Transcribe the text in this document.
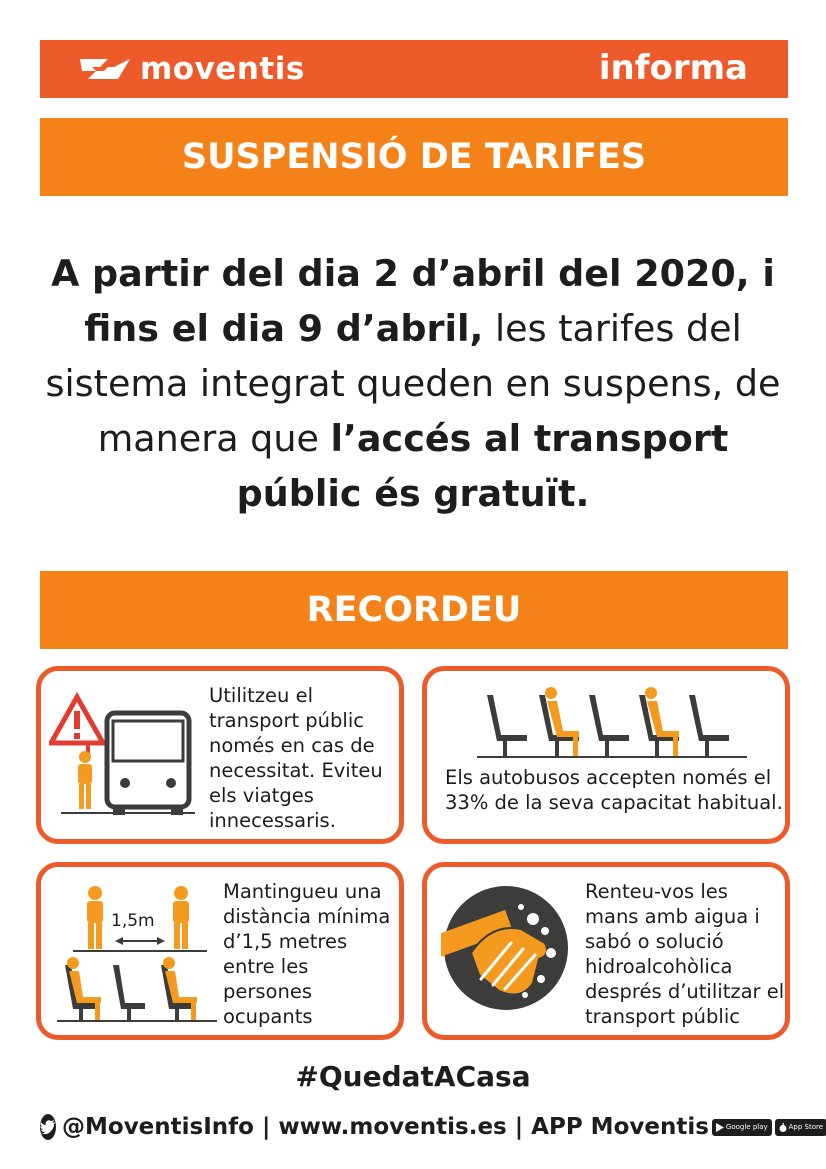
moventis	informa
SUSPENSIÓ DE TARIFES
A partir del dia 2 d’abril del 2020, i fins el dia 9 d’abril, les tarifes del sistema integrat queden en suspens, de manera que l’accés al transport públic és gratuït.
RECORDEU
Utilitzeu el transport públic només en cas de necessitat. Eviteu els viatges innecessaris.
Els autobusos accepten només el 33% de la seva capacitat habitual.
1,5m
Mantingueu una distància mínima d’1,5 metres entre les persones ocupants
Renteu-vos les mans amb aigua i sabó o solució hidroalcohòlica després d’utilitzar el transport públic
#QuedatACasa
@MoventisInfo | www.moventis.es | APP Moventis Google play	App Store
